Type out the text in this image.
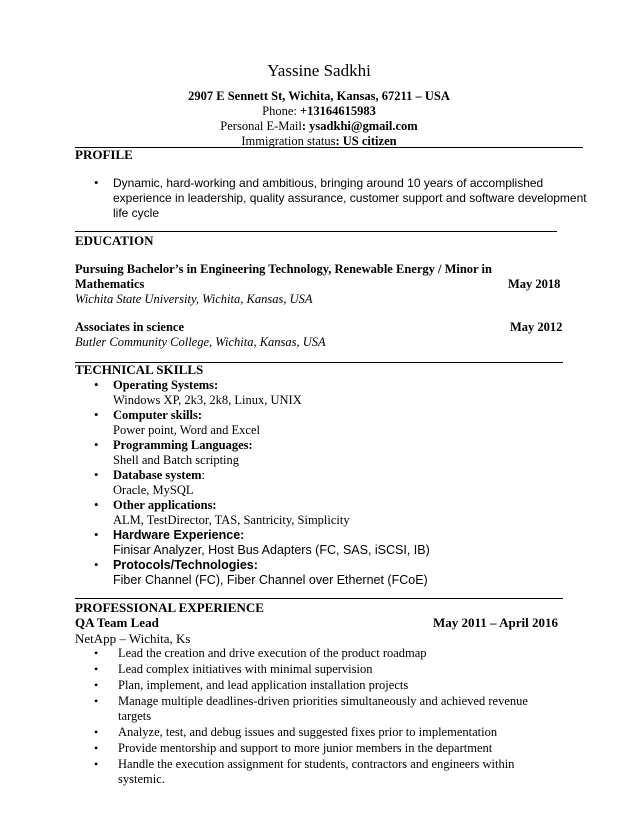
Yassine Sadkhi
2907 E Sennett St, Wichita, Kansas, 67211 – USA
Phone: +13164615983
Personal E-Mail: ysadkhi@gmail.com
Immigration status: US citizen
PROFILE
• Dynamic, hard-working and ambitious, bringing around 10 years of accomplished
experience in leadership, quality assurance, customer support and software development
life cycle
EDUCATION
Pursuing Bachelor’s in Engineering Technology, Renewable Energy / Minor in
Mathematics	May 2018
Wichita State University, Wichita, Kansas, USA
Associates in science	May 2012
Butler Community College, Wichita, Kansas, USA
TECHNICAL SKILLS
• Operating Systems:
Windows XP, 2k3, 2k8, Linux, UNIX
• Computer skills:
Power point, Word and Excel
• Programming Languages:
Shell and Batch scripting
• Database system:
Oracle, MySQL
• Other applications:
ALM, TestDirector, TAS, Santricity, Simplicity
• Hardware Experience:
Finisar Analyzer, Host Bus Adapters (FC, SAS, iSCSI, IB)
• Protocols/Technologies:
Fiber Channel (FC), Fiber Channel over Ethernet (FCoE)
PROFESSIONAL EXPERIENCE
QA Team Lead	May 2011 – April 2016
NetApp – Wichita, Ks
• Lead the creation and drive execution of the product roadmap
• Lead complex initiatives with minimal supervision
• Plan, implement, and lead application installation projects
• Manage multiple deadlines-driven priorities simultaneously and achieved revenue targets
• Analyze, test, and debug issues and suggested fixes prior to implementation
• Provide mentorship and support to more junior members in the department
• Handle the execution assignment for students, contractors and engineers within systemic.
